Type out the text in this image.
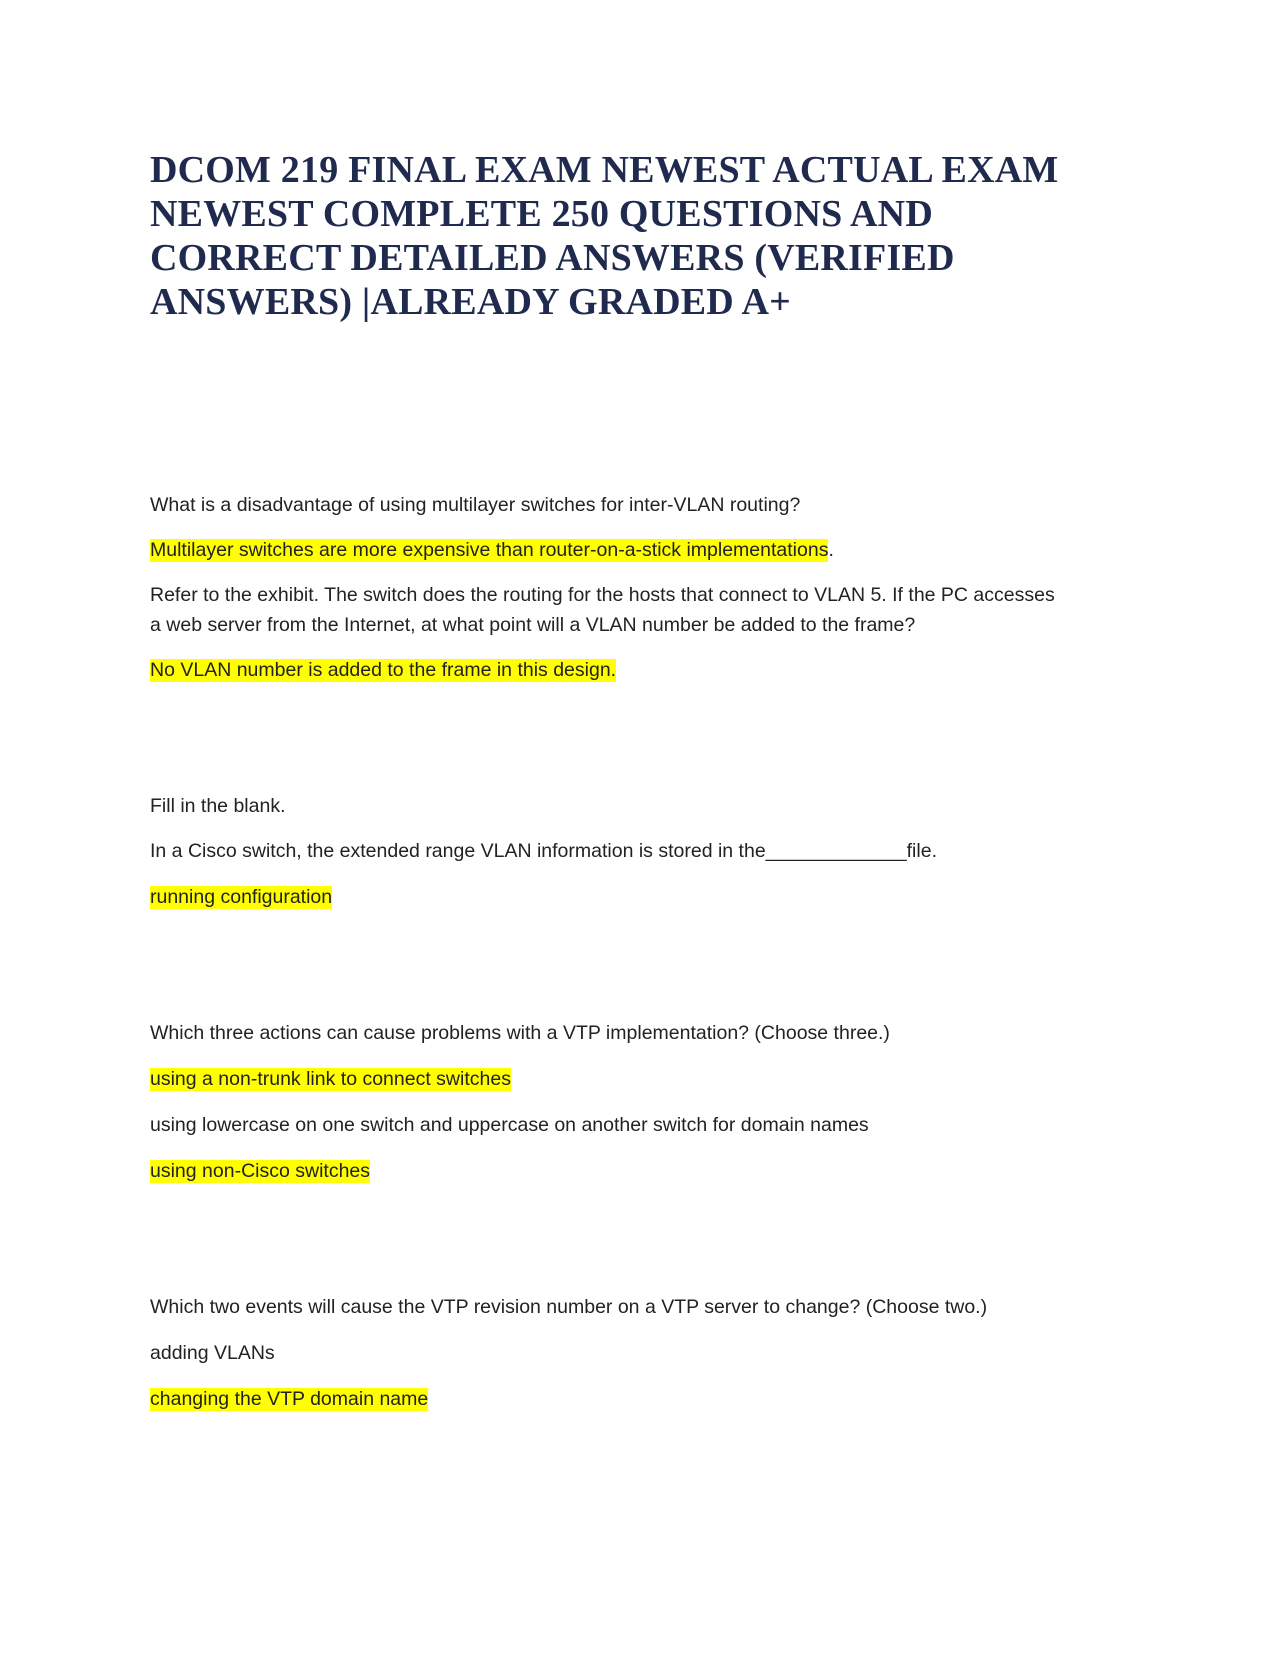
DCOM 219 FINAL EXAM NEWEST ACTUAL EXAM
NEWEST COMPLETE 250 QUESTIONS AND
CORRECT DETAILED ANSWERS (VERIFIED
ANSWERS) |ALREADY GRADED A+

What is a disadvantage of using multilayer switches for inter-VLAN routing?

Multilayer switches are more expensive than router-on-a-stick implementations.

Refer to the exhibit. The switch does the routing for the hosts that connect to VLAN 5. If the PC accesses

a web server from the Internet, at what point will a VLAN number be added to the frame?

No VLAN number is added to the frame in this design.

Fill in the blank.

In a Cisco switch, the extended range VLAN information is stored in the_____________file.

running configuration

Which three actions can cause problems with a VTP implementation? (Choose three.)

using a non-trunk link to connect switches

using lowercase on one switch and uppercase on another switch for domain names

using non-Cisco switches

Which two events will cause the VTP revision number on a VTP server to change? (Choose two.)

adding VLANs

changing the VTP domain name
